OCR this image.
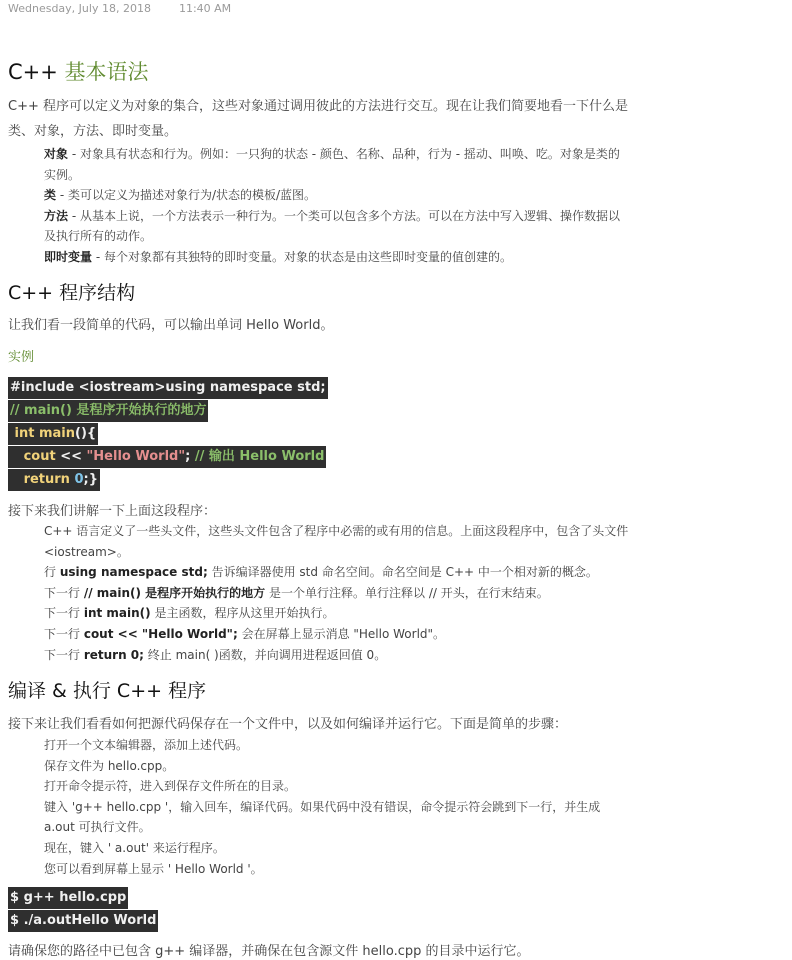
Wednesday, July 18, 2018	11:40 AM
C++ 基本语法
C++ 程序可以定义为对象的集合，这些对象通过调用彼此的方法进行交互。现在让我们简要地看一下什么是类、对象，方法、即时变量。
对象 - 对象具有状态和行为。例如：一只狗的状态 - 颜色、名称、品种，行为 - 摇动、叫唤、吃。对象是类的实例。
类 - 类可以定义为描述对象行为/状态的模板/蓝图。
方法 - 从基本上说，一个方法表示一种行为。一个类可以包含多个方法。可以在方法中写入逻辑、操作数据以及执行所有的动作。
即时变量 - 每个对象都有其独特的即时变量。对象的状态是由这些即时变量的值创建的。
C++ 程序结构
让我们看一段简单的代码，可以输出单词 Hello World。
实例
#include <iostream>using namespace std;
// main() 是程序开始执行的地方
int main(){
cout << "Hello World"; // 输出 Hello World
return 0;}
接下来我们讲解一下上面这段程序：
C++ 语言定义了一些头文件，这些头文件包含了程序中必需的或有用的信息。上面这段程序中，包含了头文件 <iostream>。
行 using namespace std; 告诉编译器使用 std 命名空间。命名空间是 C++ 中一个相对新的概念。
下一行 // main() 是程序开始执行的地方 是一个单行注释。单行注释以 // 开头，在行末结束。
下一行 int main() 是主函数，程序从这里开始执行。
下一行 cout << "Hello World"; 会在屏幕上显示消息 "Hello World"。
下一行 return 0; 终止 main( )函数，并向调用进程返回值 0。
编译 & 执行 C++ 程序
接下来让我们看看如何把源代码保存在一个文件中，以及如何编译并运行它。下面是简单的步骤：
打开一个文本编辑器，添加上述代码。
保存文件为 hello.cpp。
打开命令提示符，进入到保存文件所在的目录。
键入 'g++ hello.cpp '，输入回车，编译代码。如果代码中没有错误，命令提示符会跳到下一行，并生成 a.out 可执行文件。
现在，键入 ' a.out' 来运行程序。
您可以看到屏幕上显示 ' Hello World '。
$ g++ hello.cpp
$ ./a.outHello World
请确保您的路径中已包含 g++ 编译器，并确保在包含源文件 hello.cpp 的目录中运行它。
